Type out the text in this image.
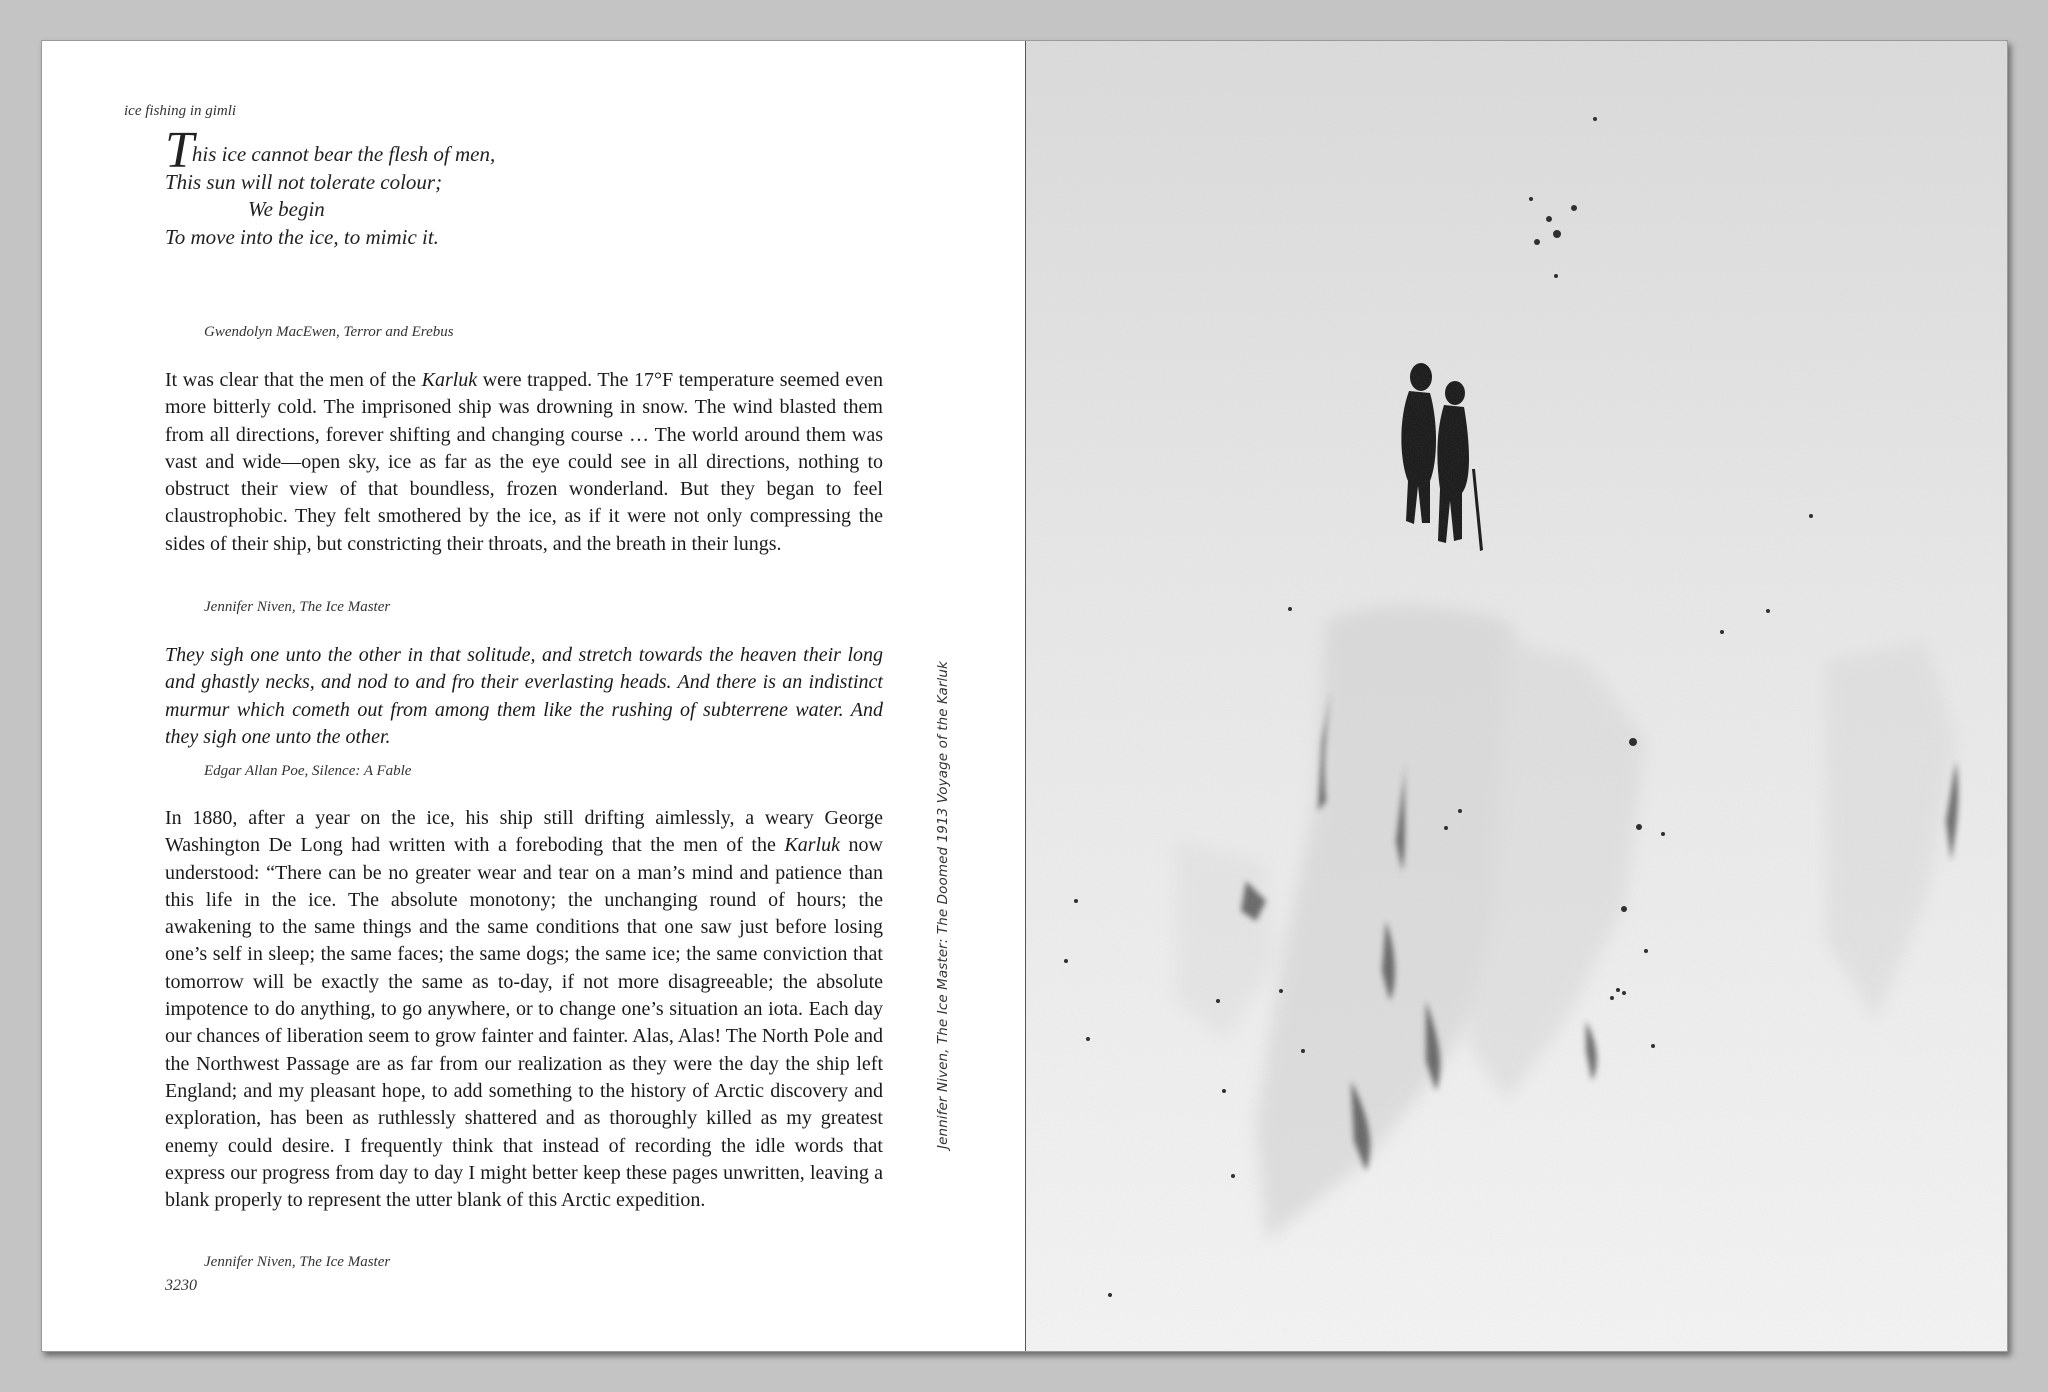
ice fishing in gimli
This ice cannot bear the flesh of men,
This sun will not tolerate colour;
We begin
To move into the ice, to mimic it.
Gwendolyn MacEwen, Terror and Erebus
It was clear that the men of the Karluk were trapped. The 17°F temperature seemed even more bitterly cold. The imprisoned ship was drowning in snow. The wind blasted them from all directions, forever shifting and changing course … The world around them was vast and wide—open sky, ice as far as the eye could see in all directions, nothing to obstruct their view of that boundless, frozen wonderland. But they began to feel claustrophobic. They felt smothered by the ice, as if it were not only compressing the sides of their ship, but constricting their throats, and the breath in their lungs.
Jennifer Niven, The Ice Master
They sigh one unto the other in that solitude, and stretch towards the heaven their long and ghastly necks, and nod to and fro their everlasting heads. And there is an indistinct murmur which cometh out from among them like the rushing of subterrene water. And they sigh one unto the other.
Edgar Allan Poe, Silence: A Fable
In 1880, after a year on the ice, his ship still drifting aimlessly, a weary George Washington De Long had written with a foreboding that the men of the Karluk now understood: “There can be no greater wear and tear on a man’s mind and patience than this life in the ice. The absolute monotony; the unchanging round of hours; the awakening to the same things and the same conditions that one saw just before losing one’s self in sleep; the same faces; the same dogs; the same ice; the same conviction that tomorrow will be exactly the same as to-day, if not more disagreeable; the absolute impotence to do anything, to go anywhere, or to change one’s situation an iota. Each day our chances of liberation seem to grow fainter and fainter. Alas, Alas! The North Pole and the Northwest Passage are as far from our realization as they were the day the ship left England; and my pleasant hope, to add something to the history of Arctic discovery and exploration, has been as ruthlessly shattered and as thoroughly killed as my greatest enemy could desire. I frequently think that instead of recording the idle words that express our progress from day to day I might better keep these pages unwritten, leaving a blank properly to represent the utter blank of this Arctic expedition.
Jennifer Niven, The Ice Master
3230
Jennifer Niven, The Ice Master: The Doomed 1913 Voyage of the Karluk
